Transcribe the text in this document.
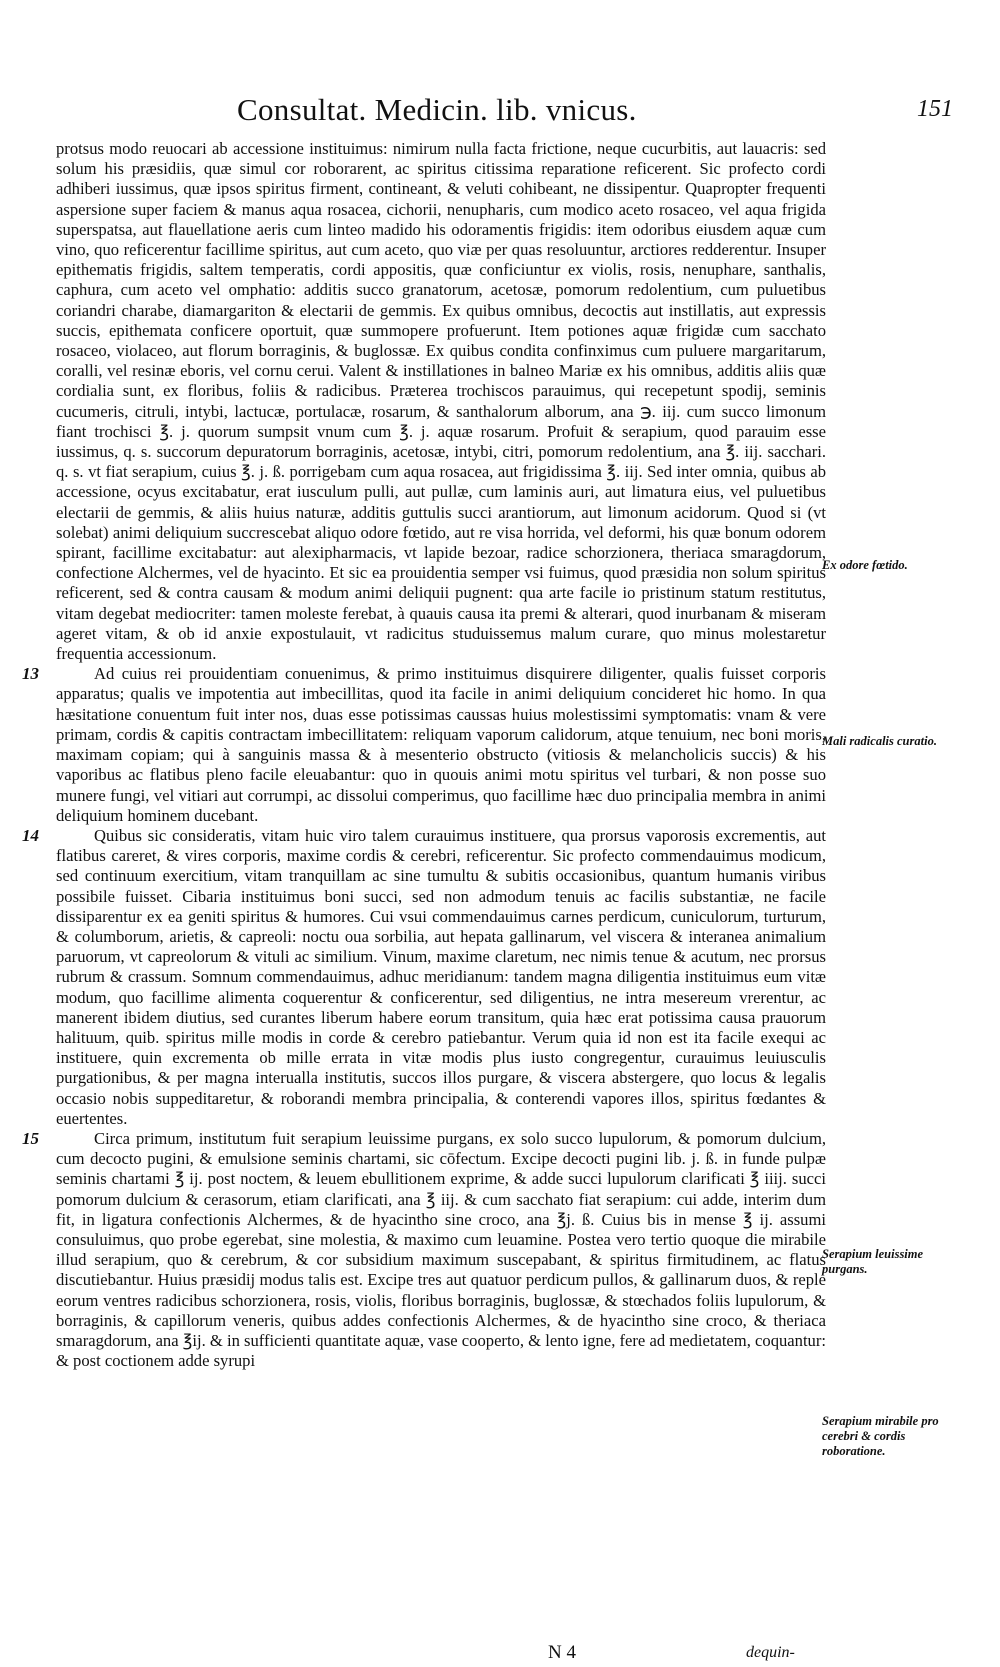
Consultat. Medicin. lib. vnicus.	151

protsus modo reuocari ab accessione instituimus: nimirum nulla facta frictione, neque cucurbitis, aut lauacris: sed solum his præsidiis, quæ simul cor roborarent, ac spiritus citissima reparatione reficerent. Sic profecto cordi adhiberi iussimus, quæ ipsos spiritus firment, contineant, & veluti cohibeant, ne dissipentur. Quapropter frequenti aspersione super faciem & manus aqua rosacea, cichorii, nenupharis, cum modico aceto rosaceo, vel aqua frigida superspatsa, aut flauellatione aeris cum linteo madido his odoramentis frigidis: item odoribus eiusdem aquæ cum vino, quo reficerentur facillime spiritus, aut cum aceto, quo viæ per quas resoluuntur, arctiores redderentur. Insuper epithematis frigidis, saltem temperatis, cordi appositis, quæ conficiuntur ex violis, rosis, nenuphare, santhalis, caphura, cum aceto vel omphatio: additis succo granatorum, acetosæ, pomorum redolentium, cum puluetibus coriandri charabe, diamargariton & electarii de gemmis. Ex quibus omnibus, decoctis aut instillatis, aut expressis succis, epithemata conficere oportuit, quæ summopere profuerunt. Item potiones aquæ frigidæ cum sacchato rosaceo, violaceo, aut florum borraginis, & buglossæ. Ex quibus condita confinximus cum puluere margaritarum, coralli, vel resinæ eboris, vel cornu cerui. Valent & instillationes in balneo Mariæ ex his omnibus, additis aliis quæ cordialia sunt, ex floribus, foliis & radicibus. Præterea trochiscos parauimus, qui recepetunt spodij, seminis cucumeris, citruli, intybi, lactucæ, portulacæ, rosarum, & santhalorum alborum, ana ℈. iij. cum succo limonum fiant trochisci ℥. j. quorum sumpsit vnum cum ℥. j. aquæ rosarum. Profuit & serapium, quod parauim esse iussimus, q. s. succorum depuratorum borraginis, acetosæ, intybi, citri, pomorum redolentium, ana ℥. iij. sacchari. q. s. vt fiat serapium, cuius ℥. j. ß. porrigebam cum aqua rosacea, aut frigidissima ℥. iij. Sed inter omnia, quibus ab accessione, ocyus excitabatur, erat iusculum pulli, aut pullæ, cum laminis auri, aut limatura eius, vel puluetibus electarii de gemmis, & aliis huius naturæ, additis guttulis succi arantiorum, aut limonum acidorum. Quod si (vt solebat) animi deliquium succrescebat aliquo odore fœtido, aut re visa horrida, vel deformi, his quæ bonum odorem spirant, facillime excitabatur: aut alexipharmacis, vt lapide bezoar, radice schorzionera, theriaca smaragdorum, confectione Alchermes, vel de hyacinto. Et sic ea prouidentia semper vsi fuimus, quod præsidia non solum spiritus reficerent, sed & contra causam & modum animi deliquii pugnent: qua arte facile io pristinum statum restitutus, vitam degebat mediocriter: tamen moleste ferebat, à quauis causa ita premi & alterari, quod inurbanam & miseram ageret vitam, & ob id anxie expostulauit, vt radicitus studuissemus malum curare, quo minus molestaretur frequentia accessionum.

13	Ad cuius rei prouidentiam conuenimus, & primo instituimus disquirere diligenter, qualis fuisset corporis apparatus; qualis ve impotentia aut imbecillitas, quod ita facile in animi deliquium concideret hic homo. In qua hæsitatione conuentum fuit inter nos, duas esse potissimas caussas huius molestissimi symptomatis: vnam & vere primam, cordis & capitis contractam imbecillitatem: reliquam vaporum calidorum, atque tenuium, nec boni moris, maximam copiam; qui à sanguinis massa & à mesenterio obstructo (vitiosis & melancholicis succis) & his vaporibus ac flatibus pleno facile eleuabantur: quo in quouis animi motu spiritus vel turbari, & non posse suo munere fungi, vel vitiari aut corrumpi, ac dissolui comperimus, quo facillime hæc duo principalia membra in animi deliquium hominem ducebant.
14	Quibus sic consideratis, vitam huic viro talem curauimus instituere, qua prorsus vaporosis excrementis, aut flatibus careret, & vires corporis, maxime cordis & cerebri, reficerentur. Sic profecto commendauimus modicum, sed continuum exercitium, vitam tranquillam ac sine tumultu & subitis occasionibus, quantum humanis viribus possibile fuisset. Cibaria instituimus boni succi, sed non admodum tenuis ac facilis substantiæ, ne facile dissiparentur ex ea geniti spiritus & humores. Cui vsui commendauimus carnes perdicum, cuniculorum, turturum, & columborum, arietis, & capreoli: noctu oua sorbilia, aut hepata gallinarum, vel viscera & interanea animalium paruorum, vt capreolorum & vituli ac similium. Vinum, maxime claretum, nec nimis tenue & acutum, nec prorsus rubrum & crassum. Somnum commendauimus, adhuc meridianum: tandem magna diligentia instituimus eum vitæ modum, quo facillime alimenta coquerentur & conficerentur, sed diligentius, ne intra mesereum vrerentur, ac manerent ibidem diutius, sed curantes liberum habere eorum transitum, quia hæc erat potissima causa prauorum halituum, quib. spiritus mille modis in corde & cerebro patiebantur. Verum quia id non est ita facile exequi ac instituere, quin excrementa ob mille errata in vitæ modis plus iusto congregentur, curauimus leuiusculis purgationibus, & per magna interualla institutis, succos illos purgare, & viscera abstergere, quo locus & legalis occasio nobis suppeditaretur, & roborandi membra principalia, & conterendi vapores illos, spiritus fœdantes & euertentes.
15	Circa primum, institutum fuit serapium leuissime purgans, ex solo succo lupulorum, & pomorum dulcium, cum decocto pugini, & emulsione seminis chartami, sic cōfectum. Excipe decocti pugini lib. j. ß. in funde pulpæ seminis chartami ℥ ij. post noctem, & leuem ebullitionem exprime, & adde succi lupulorum clarificati ℥ iiij. succi pomorum dulcium & cerasorum, etiam clarificati, ana ℥ iij. & cum sacchato fiat serapium: cui adde, interim dum fit, in ligatura confectionis Alchermes, & de hyacintho sine croco, ana ℥j. ß. Cuius bis in mense ℥ ij. assumi consuluimus, quo probe egerebat, sine molestia, & maximo cum leuamine. Postea vero tertio quoque die mirabile illud serapium, quo & cerebrum, & cor subsidium maximum suscepabant, & spiritus firmitudinem, ac flatus discutiebantur. Huius præsidij modus talis est. Excipe tres aut quatuor perdicum pullos, & gallinarum duos, & reple eorum ventres radicibus schorzionera, rosis, violis, floribus borraginis, buglossæ, & stœchados foliis lupulorum, & borraginis, & capillorum veneris, quibus addes confectionis Alchermes, & de hyacintho sine croco, & theriaca smaragdorum, ana ℥ij. & in sufficienti quantitate aquæ, vase cooperto, & lento igne, fere ad medietatem, coquantur: & post coctionem adde syrupi
Ex odore fœtido.
Mali radicalis curatio.
Serapium leuissime purgans.
Serapium mirabile pro cerebri & cordis roboratione.
N 4	dequin-
